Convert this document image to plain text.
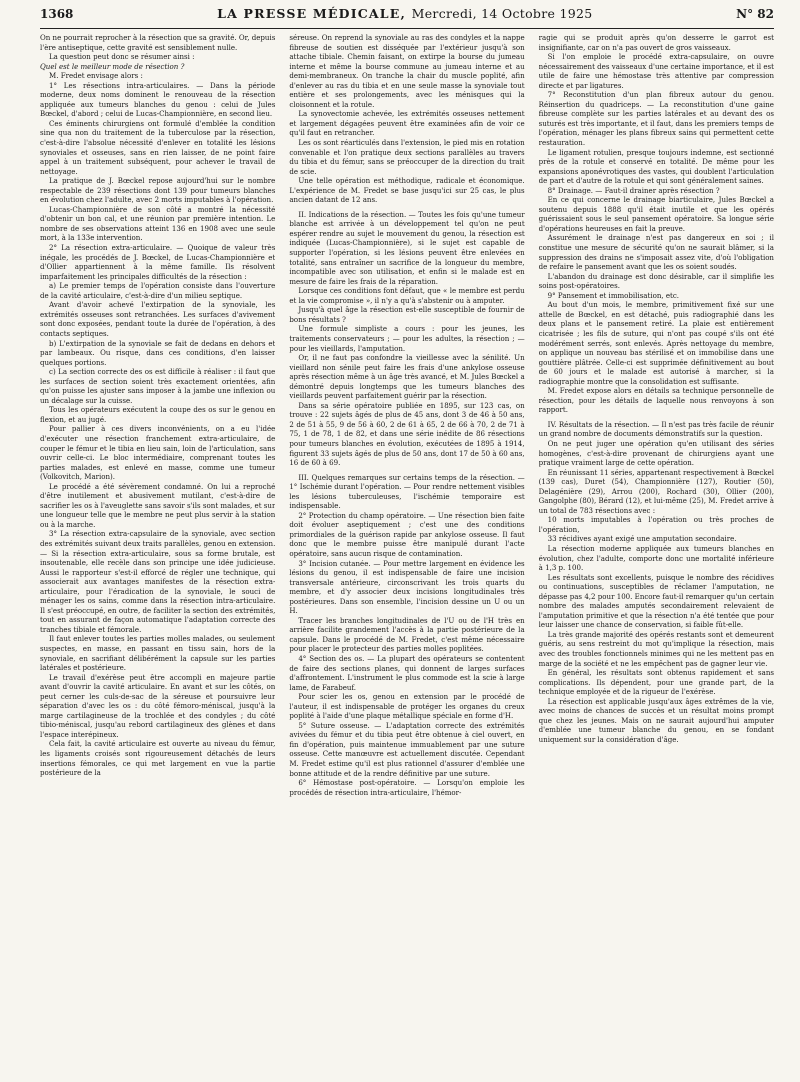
1368	LA PRESSE MÉDICALE, Mercredi, 14 Octobre 1925	N° 82

On ne pourrait reprocher à la résection que sa gravité. Or, depuis l'ère antiseptique, cette gravité est sensiblement nulle.

La question peut donc se résumer ainsi :

Quel est le meilleur mode de résection ?

M. Fredet envisage alors :

1° Les résections intra-articulaires. — Dans la période moderne, deux noms dominent le renouveau de la résection appliquée aux tumeurs blanches du genou : celui de Jules Bœckel, d'abord ; celui de Lucas-Championnière, en second lieu.

Ces éminents chirurgiens ont formulé d'emblée la condition sine qua non du traitement de la tuberculose par la résection, c'est-à-dire l'absolue nécessité d'enlever en totalité les lésions synoviales et osseuses, sans en rien laisser, de ne point faire appel à un traitement subséquent, pour achever le travail de nettoyage.

La pratique de J. Bœckel repose aujourd'hui sur le nombre respectable de 239 résections dont 139 pour tumeurs blanches en évolution chez l'adulte, avec 2 morts imputables à l'opération.

Lucas-Championnière de son côté a montré la nécessité d'obtenir un bon cal, et une réunion par première intention. Le nombre de ses observations atteint 136 en 1908 avec une seule mort, à la 133e intervention.

2° La résection extra-articulaire. — Quoique de valeur très inégale, les procédés de J. Bœckel, de Lucas-Championnière et d'Ollier appartiennent à la même famille. Ils résolvent imparfaitement les principales difficultés de la résection :

a) Le premier temps de l'opération consiste dans l'ouverture de la cavité articulaire, c'est-à-dire d'un milieu septique.

Avant d'avoir achevé l'extirpation de la synoviale, les extrémités osseuses sont retranchées. Les surfaces d'avivement sont donc exposées, pendant toute la durée de l'opération, à des contacts septiques.

b) L'extirpation de la synoviale se fait de dedans en dehors et par lambeaux. Ou risque, dans ces conditions, d'en laisser quelques portions.

c) La section correcte des os est difficile à réaliser : il faut que les surfaces de section soient très exactement orientées, afin qu'on puisse les ajuster sans imposer à la jambe une inflexion ou un décalage sur la cuisse.

Tous les opérateurs exécutent la coupe des os sur le genou en flexion, et au jugé.

Pour pallier à ces divers inconvénients, on a eu l'idée d'exécuter une résection franchement extra-articulaire, de couper le fémur et le tibia en lieu sain, loin de l'articulation, sans ouvrir celle-ci. Le bloc intermédiaire, comprenant toutes les parties malades, est enlevé en masse, comme une tumeur (Volkovitch, Marion).

Le procédé a été sévèrement condamné. On lui a reproché d'être inutilement et abusivement mutilant, c'est-à-dire de sacrifier les os à l'aveuglette sans savoir s'ils sont malades, et sur une longueur telle que le membre ne peut plus servir à la station ou à la marche.

3° La résection extra-capsulaire de la synoviale, avec section des extrémités suivant deux traits parallèles, genou en extension. — Si la résection extra-articulaire, sous sa forme brutale, est insoutenable, elle recèle dans son principe une idée judicieuse. Aussi le rapporteur s'est-il efforcé de régler une technique, qui associerait aux avantages manifestes de la résection extra-articulaire, pour l'éradication de la synoviale, le souci de ménager les os sains, comme dans la résection intra-articulaire. Il s'est préoccupé, en outre, de faciliter la section des extrémités, tout en assurant de façon automatique l'adaptation correcte des tranches tibiale et fémorale.

Il faut enlever toutes les parties molles malades, ou seulement suspectes, en masse, en passant en tissu sain, hors de la synoviale, en sacrifiant délibérément la capsule sur les parties latérales et postérieure.

Le travail d'exérèse peut être accompli en majeure partie avant d'ouvrir la cavité articulaire. En avant et sur les côtés, on peut cerner les culs-de-sac de la séreuse et poursuivre leur séparation d'avec les os : du côté fémoro-méniscal, jusqu'à la marge cartilagineuse de la trochlée et des condyles ; du côté tibio-méniscal, jusqu'au rebord cartilagineux des glènes et dans l'espace interépineux.

Cela fait, la cavité articulaire est ouverte au niveau du fémur, les ligaments croisés sont rigoureusement détachés de leurs insertions fémorales, ce qui met largement en vue la partie postérieure de la

séreuse. On reprend la synoviale au ras des condyles et la nappe fibreuse de soutien est disséquée par l'extérieur jusqu'à son attache tibiale. Chemin faisant, on extirpe la bourse du jumeau interne et même la bourse commune au jumeau interne et au demi-membraneux. On tranche la chair du muscle poplité, afin d'enlever au ras du tibia et en une seule masse la synoviale tout entière et ses prolongements, avec les ménisques qui la cloisonnent et la rotule.

La synovectomie achevée, les extrémités osseuses nettement et largement dégagées peuvent être examinées afin de voir ce qu'il faut en retrancher.

Les os sont réarticulés dans l'extension, le pied mis en rotation convenable et l'on pratique deux sections parallèles au travers du tibia et du fémur, sans se préoccuper de la direction du trait de scie.

Une telle opération est méthodique, radicale et économique. L'expérience de M. Fredet se base jusqu'ici sur 25 cas, le plus ancien datant de 12 ans.

II. Indications de la résection. — Toutes les fois qu'une tumeur blanche est arrivée à un développement tel qu'on ne peut espérer rendre au sujet le mouvement du genou, la résection est indiquée (Lucas-Championnière), si le sujet est capable de supporter l'opération, si les lésions peuvent être enlevées en totalité, sans entraîner un sacrifice de la longueur du membre, incompatible avec son utilisation, et enfin si le malade est en mesure de faire les frais de la réparation.

Lorsque ces conditions font défaut, que « le membre est perdu et la vie compromise », il n'y a qu'à s'abstenir ou à amputer.

Jusqu'à quel âge la résection est-elle susceptible de fournir de bons résultats ?

Une formule simpliste a cours : pour les jeunes, les traitements conservateurs ; — pour les adultes, la résection ; — pour les vieillards, l'amputation.

Or, il ne faut pas confondre la vieillesse avec la sénilité. Un vieillard non sénile peut faire les frais d'une ankylose osseuse après résection même à un âge très avancé, et M. Jules Bœckel a démontré depuis longtemps que les tumeurs blanches des vieillards peuvent parfaitement guérir par la résection.

Dans sa série opératoire publiée en 1895, sur 123 cas, on trouve : 22 sujets âgés de plus de 45 ans, dont 3 de 46 à 50 ans, 2 de 51 à 55, 9 de 56 à 60, 2 de 61 à 65, 2 de 66 à 70, 2 de 71 à 75, 1 de 78, 1 de 82, et dans une série inédite de 86 résections pour tumeurs blanches en évolution, exécutées de 1895 à 1914, figurent 33 sujets âgés de plus de 50 ans, dont 17 de 50 à 60 ans, 16 de 60 à 69.

III. Quelques remarques sur certains temps de la résection. — 1° Ischémie durant l'opération. — Pour rendre nettement visibles les lésions tuberculeuses, l'ischémie temporaire est indispensable.

2° Protection du champ opératoire. — Une résection bien faite doit évoluer aseptiquement ; c'est une des conditions primordiales de la guérison rapide par ankylose osseuse. Il faut donc que le membre puisse être manipulé durant l'acte opératoire, sans aucun risque de contamination.

3° Incision cutanée. — Pour mettre largement en évidence les lésions du genou, il est indispensable de faire une incision transversale antérieure, circonscrivant les trois quarts du membre, et d'y associer deux incisions longitudinales très postérieures. Dans son ensemble, l'incision dessine un U ou un H.

Tracer les branches longitudinales de l'U ou de l'H très en arrière facilite grandement l'accès à la partie postérieure de la capsule. Dans le procédé de M. Fredet, c'est même nécessaire pour placer le protecteur des parties molles poplitées.

4° Section des os. — La plupart des opérateurs se contentent de faire des sections planes, qui donnent de larges surfaces d'affrontement. L'instrument le plus commode est la scie à large lame, de Farabeuf.

Pour scier les os, genou en extension par le procédé de l'auteur, il est indispensable de protéger les organes du creux poplité à l'aide d'une plaque métallique spéciale en forme d'H.

5° Suture osseuse. — L'adaptation correcte des extrémités avivées du fémur et du tibia peut être obtenue à ciel ouvert, en fin d'opération, puis maintenue immuablement par une suture osseuse. Cette manœuvre est actuellement discutée. Cependant M. Fredet estime qu'il est plus rationnel d'assurer d'emblée une bonne attitude et de la rendre définitive par une suture.

6° Hémostase post-opératoire. — Lorsqu'on emploie les procédés de résection intra-articulaire, l'hémor-

ragie qui se produit après qu'on desserre le garrot est insignifiante, car on n'a pas ouvert de gros vaisseaux.

Si l'on emploie le procédé extra-capsulaire, on ouvre nécessairement des vaisseaux d'une certaine importance, et il est utile de faire une hémostase très attentive par compression directe et par ligatures.

7° Reconstitution d'un plan fibreux autour du genou. Réinsertion du quadriceps. — La reconstitution d'une gaine fibreuse complète sur les parties latérales et au devant des os suturés est très importante, et il faut, dans les premiers temps de l'opération, ménager les plans fibreux sains qui permettent cette restauration.

Le ligament rotulien, presque toujours indemne, est sectionné près de la rotule et conservé en totalité. De même pour les expansions aponévrotiques des vastes, qui doublent l'articulation de part et d'autre de la rotule et qui sont généralement saines.

8° Drainage. — Faut-il drainer après résection ?

En ce qui concerne le drainage biarticulaire, Jules Bœckel a soutenu depuis 1888 qu'il était inutile et que les opérés guérissaient sous le seul pansement opératoire. Sa longue série d'opérations heureuses en fait la preuve.

Assurément le drainage n'est pas dangereux en soi ; il constitue une mesure de sécurité qu'on ne saurait blâmer, si la suppression des drains ne s'imposait assez vite, d'où l'obligation de refaire le pansement avant que les os soient soudés.

L'abandon du drainage est donc désirable, car il simplifie les soins post-opératoires.

9° Pansement et immobilisation, etc.

Au bout d'un mois, le membre, primitivement fixé sur une attelle de Bœckel, en est détaché, puis radiographié dans les deux plans et le pansement retiré. La plaie est entièrement cicatrisée ; les fils de suture, qui n'ont pas coupé s'ils ont été modérément serrés, sont enlevés. Après nettoyage du membre, on applique un nouveau bas stérilisé et on immobilise dans une gouttière plâtrée. Celle-ci est supprimée définitivement au bout de 60 jours et le malade est autorisé à marcher, si la radiographie montre que la consolidation est suffisante.

M. Fredet expose alors en détails sa technique personnelle de résection, pour les détails de laquelle nous renvoyons à son rapport.

IV. Résultats de la résection. — Il n'est pas très facile de réunir un grand nombre de documents démonstratifs sur la question.

On ne peut juger une opération qu'en utilisant des séries homogènes, c'est-à-dire provenant de chirurgiens ayant une pratique vraiment large de cette opération.

En réunissant 11 séries, appartenant respectivement à Bœckel (139 cas), Duret (54), Championnière (127), Routier (50), Delagénière (29), Arrou (200), Rochard (30), Ollier (200), Gangolphe (80), Bérard (12), et lui-même (25), M. Fredet arrive à un total de 783 résections avec :

10 morts imputables à l'opération ou très proches de l'opération,

33 récidives ayant exigé une amputation secondaire.

La résection moderne appliquée aux tumeurs blanches en évolution, chez l'adulte, comporte donc une mortalité inférieure à 1,3 p. 100.

Les résultats sont excellents, puisque le nombre des récidives ou continuations, susceptibles de réclamer l'amputation, ne dépasse pas 4,2 pour 100. Encore faut-il remarquer qu'un certain nombre des malades amputés secondairement relevaient de l'amputation primitive et que la résection n'a été tentée que pour leur laisser une chance de conservation, si faible fût-elle.

La très grande majorité des opérés restants sont et demeurent guéris, au sens restreint du mot qu'implique la résection, mais avec des troubles fonctionnels minimes qui ne les mettent pas en marge de la société et ne les empêchent pas de gagner leur vie.

En général, les résultats sont obtenus rapidement et sans complications. Ils dépendent, pour une grande part, de la technique employée et de la rigueur de l'exérèse.

La résection est applicable jusqu'aux âges extrêmes de la vie, avec moins de chances de succès et un résultat moins prompt que chez les jeunes. Mais on ne saurait aujourd'hui amputer d'emblée une tumeur blanche du genou, en se fondant uniquement sur la considération d'âge.
